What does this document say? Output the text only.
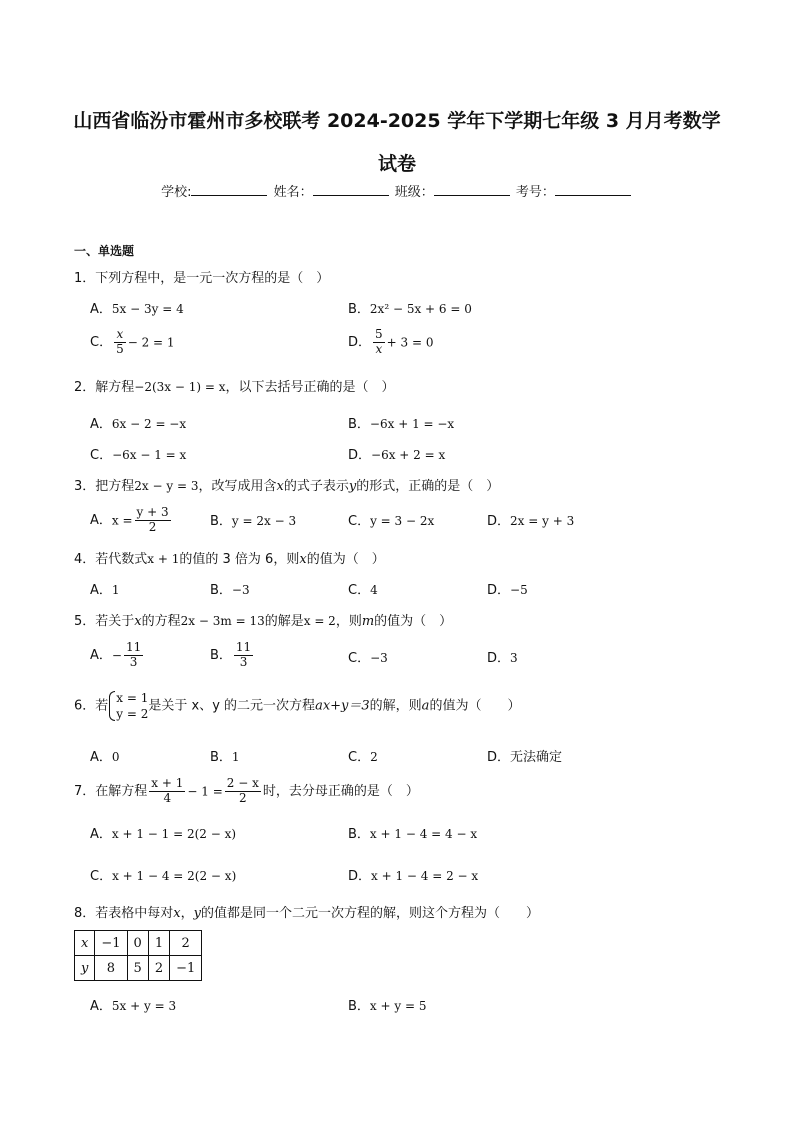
山西省临汾市霍州市多校联考 2024-2025 学年下学期七年级 3 月月考数学
试卷
学校:	姓名：	班级：	考号：
一、单选题
1．下列方程中，是一元一次方程的是（　）
A．5x − 3y = 4	B．2x² − 5x + 6 = 0
C． $\frac{x}{5} - 2 = 1$	D． $\frac{5}{x} + 3 = 0$
2．解方程−2(3x − 1) = x，以下去括号正确的是（　）
A．6x − 2 = −x	B．−6x + 1 = −x
C．−6x − 1 = x	D．−6x + 2 = x
3．把方程2x − y = 3，改写成用含x的式子表示y的形式，正确的是（　）
A．$x = \frac{y + 3}{2}$	B．y = 2x − 3	C．y = 3 − 2x	D．2x = y + 3
4．若代数式x + 1的值的 3 倍为 6，则x的值为（　）
A．1	B．−3	C．4	D．−5
5．若关于x的方程2x − 3m = 13的解是x = 2，则m的值为（　）
A．− $\frac{11}{3}$	B． $\frac{11}{3}$	C．−3	D．3
6．若
x = 1
y = 2
是关于 x、y 的二元一次方程ax+y＝3的解，则a的值为（　　）
A．0	B．1	C．2	D．无法确定
7．在解方程 $\frac{x + 1}{4} - 1 = \frac{2 - x}{2}$ 时，去分母正确的是（　）
A．x + 1 − 1 = 2(2 − x)	B．x + 1 − 4 = 4 − x
C．x + 1 − 4 = 2(2 − x)	D．x + 1 − 4 = 2 − x
8．若表格中每对x，y的值都是同一个二元一次方程的解，则这个方程为（　　）
x	−1	0	1	2
y	8	5	2	−1
A．5x + y = 3	B．x + y = 5
